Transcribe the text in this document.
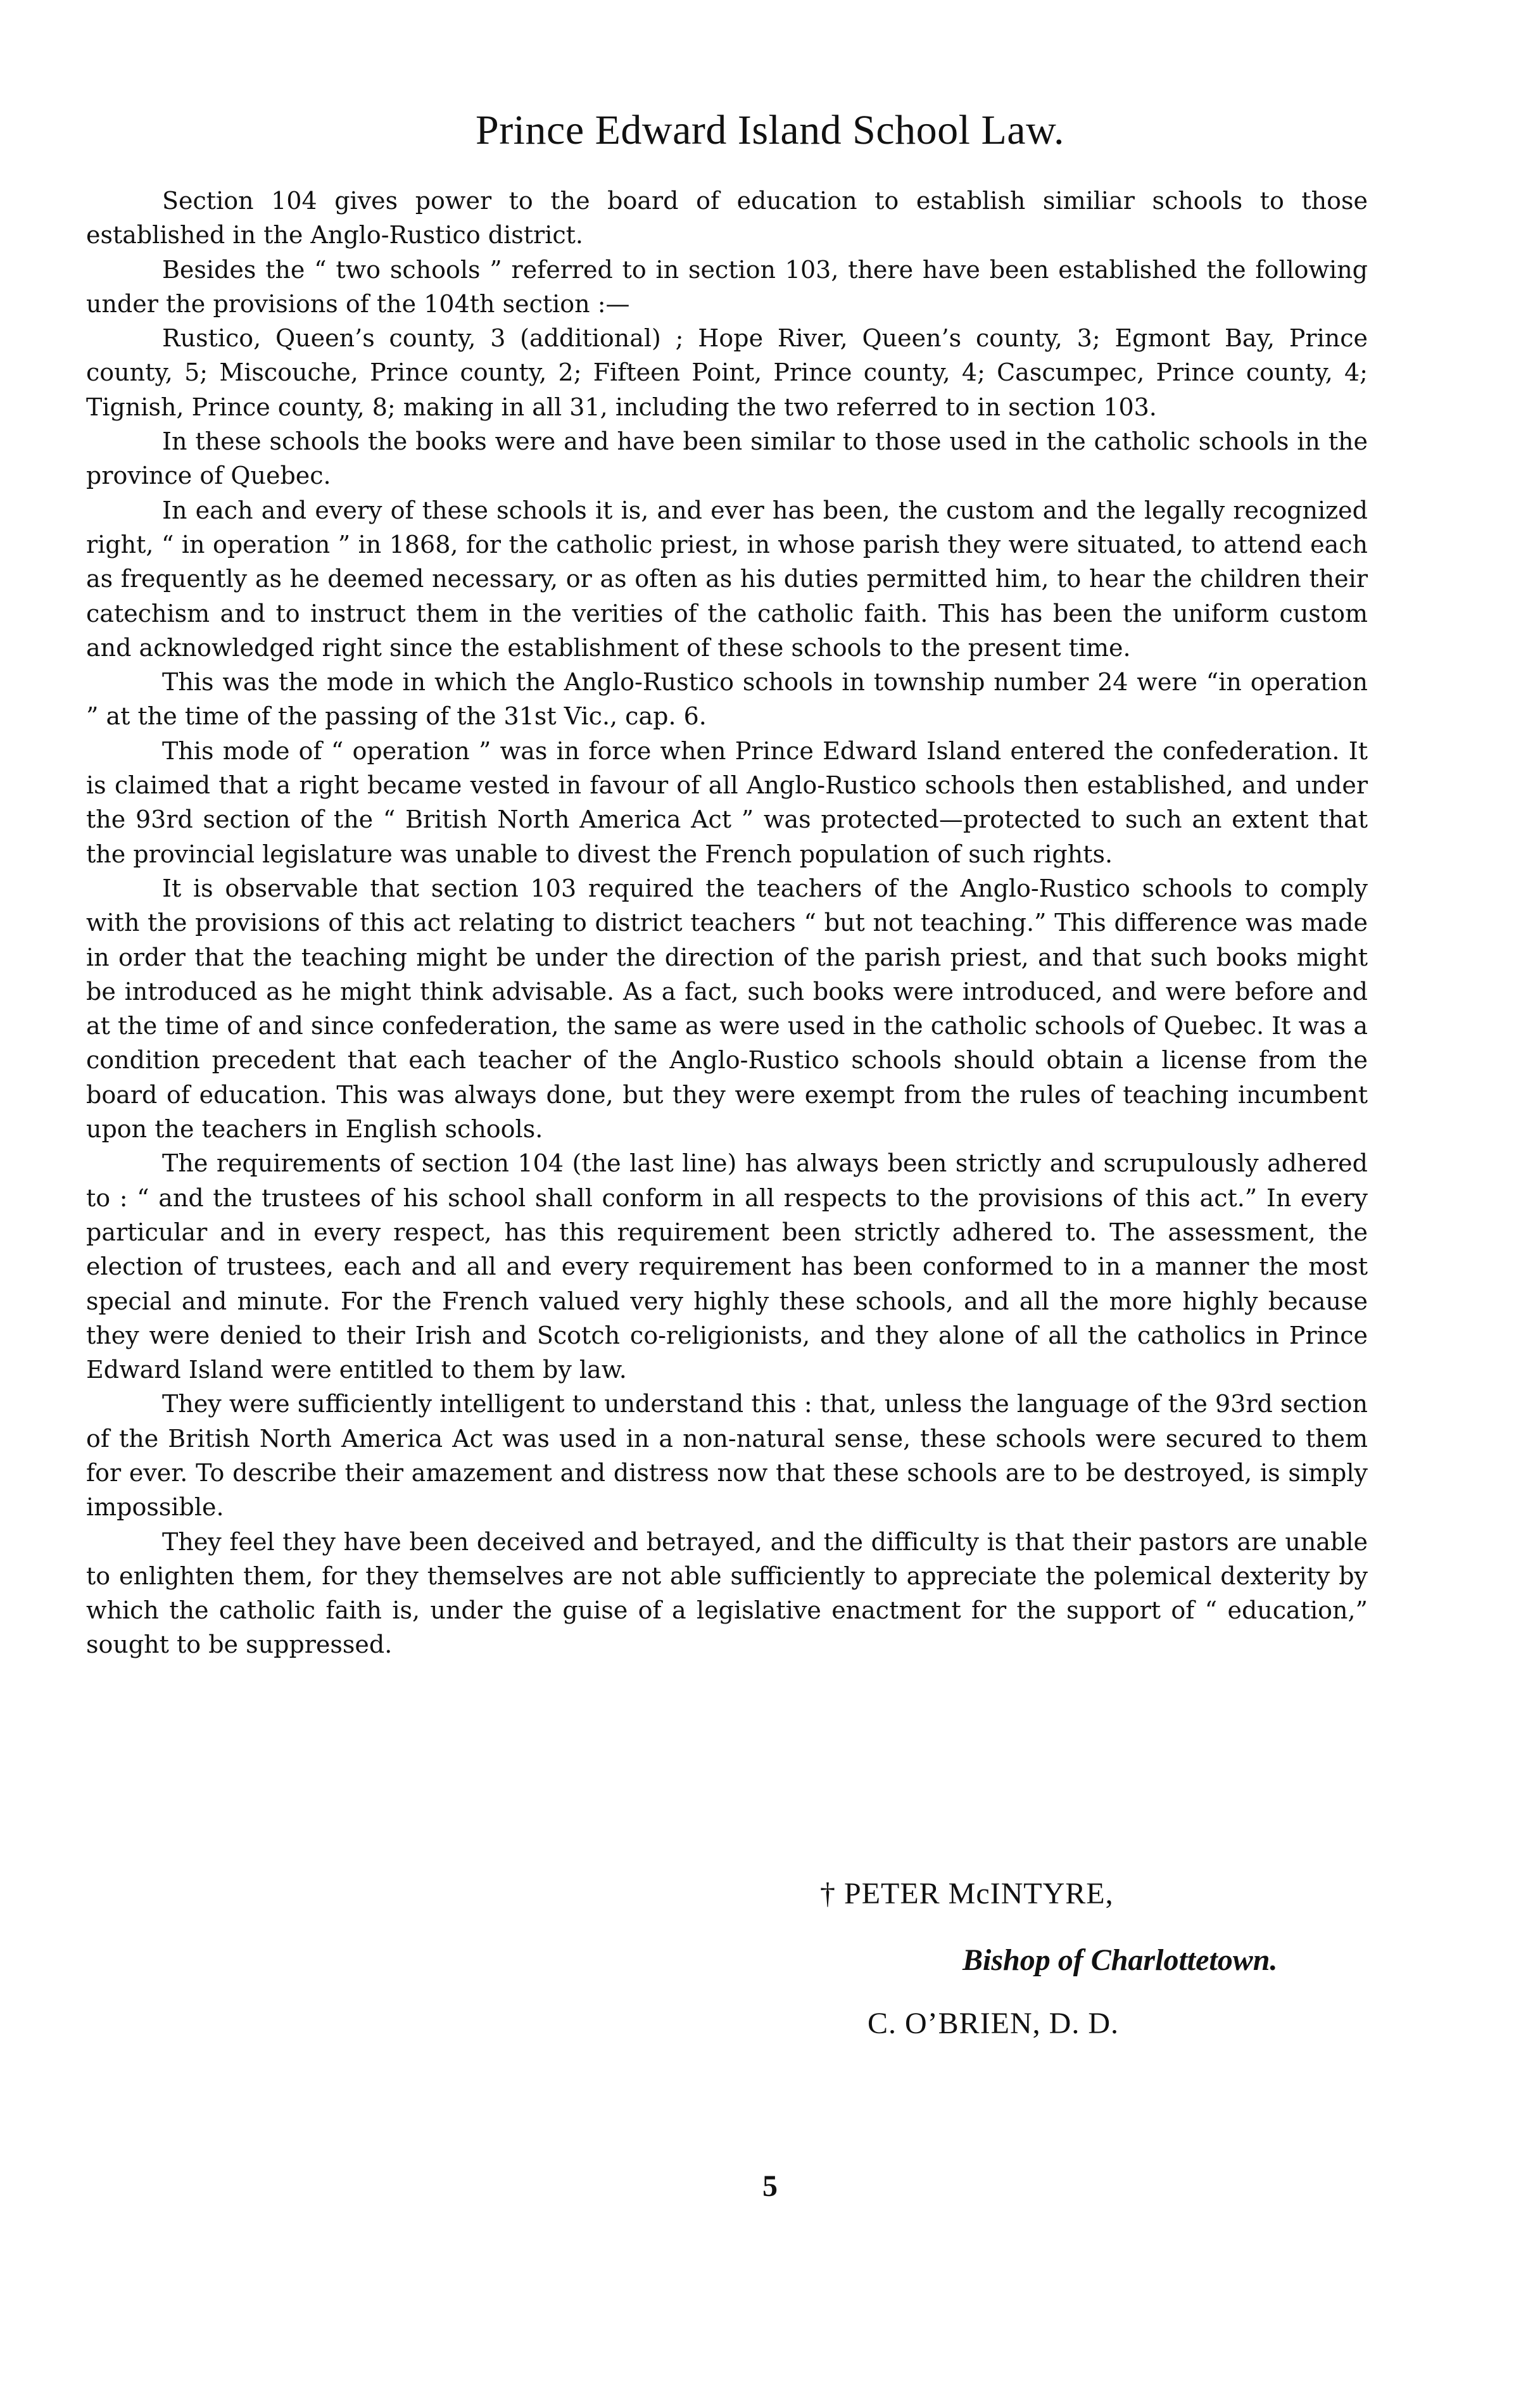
Prince Edward Island School Law.

Section 104 gives power to the board of education to establish similiar schools to those established in the Anglo-Rustico district.

Besides the “ two schools ” referred to in section 103, there have been established the following under the provisions of the 104th section :—

Rustico, Queen’s county, 3 (additional) ; Hope River, Queen’s county, 3; Egmont Bay, Prince county, 5; Miscouche, Prince county, 2; Fifteen Point, Prince county, 4; Cascumpec, Prince county, 4; Tignish, Prince county, 8; making in all 31, including the two referred to in section 103.

In these schools the books were and have been similar to those used in the catholic schools in the province of Quebec.

In each and every of these schools it is, and ever has been, the custom and the legally recognized right, “ in operation ” in 1868, for the catholic priest, in whose parish they were situated, to attend each as frequently as he deemed necessary, or as often as his duties permitted him, to hear the children their catechism and to instruct them in the verities of the catholic faith. This has been the uniform custom and acknowledged right since the establishment of these schools to the present time.

This was the mode in which the Anglo-Rustico schools in township number 24 were “in operation ” at the time of the passing of the 31st Vic., cap. 6.

This mode of “ operation ” was in force when Prince Edward Island entered the confederation. It is claimed that a right became vested in favour of all Anglo-Rustico schools then established, and under the 93rd section of the “ British North America Act ” was protected—protected to such an extent that the provincial legislature was unable to divest the French population of such rights.

It is observable that section 103 required the teachers of the Anglo-Rustico schools to comply with the provisions of this act relating to district teachers “ but not teaching.” This difference was made in order that the teaching might be under the direction of the parish priest, and that such books might be introduced as he might think advisable. As a fact, such books were introduced, and were before and at the time of and since confederation, the same as were used in the catholic schools of Quebec. It was a condition precedent that each teacher of the Anglo-Rustico schools should obtain a license from the board of education. This was always done, but they were exempt from the rules of teaching incumbent upon the teachers in English schools.

The requirements of section 104 (the last line) has always been strictly and scrupulously adhered to : “ and the trustees of his school shall conform in all respects to the provisions of this act.” In every particular and in every respect, has this requirement been strictly adhered to. The assessment, the election of trustees, each and all and every requirement has been conformed to in a manner the most special and minute. For the French valued very highly these schools, and all the more highly because they were denied to their Irish and Scotch co-religionists, and they alone of all the catholics in Prince Edward Island were entitled to them by law.

They were sufficiently intelligent to understand this : that, unless the language of the 93rd section of the British North America Act was used in a non-natural sense, these schools were secured to them for ever. To describe their amazement and distress now that these schools are to be destroyed, is simply impossible.

They feel they have been deceived and betrayed, and the difficulty is that their pastors are unable to enlighten them, for they themselves are not able sufficiently to appreciate the polemical dexterity by which the catholic faith is, under the guise of a legislative enactment for the support of “ education,” sought to be suppressed.

† PETER McINTYRE,
Bishop of Charlottetown.
C. O’BRIEN, D. D.
5
